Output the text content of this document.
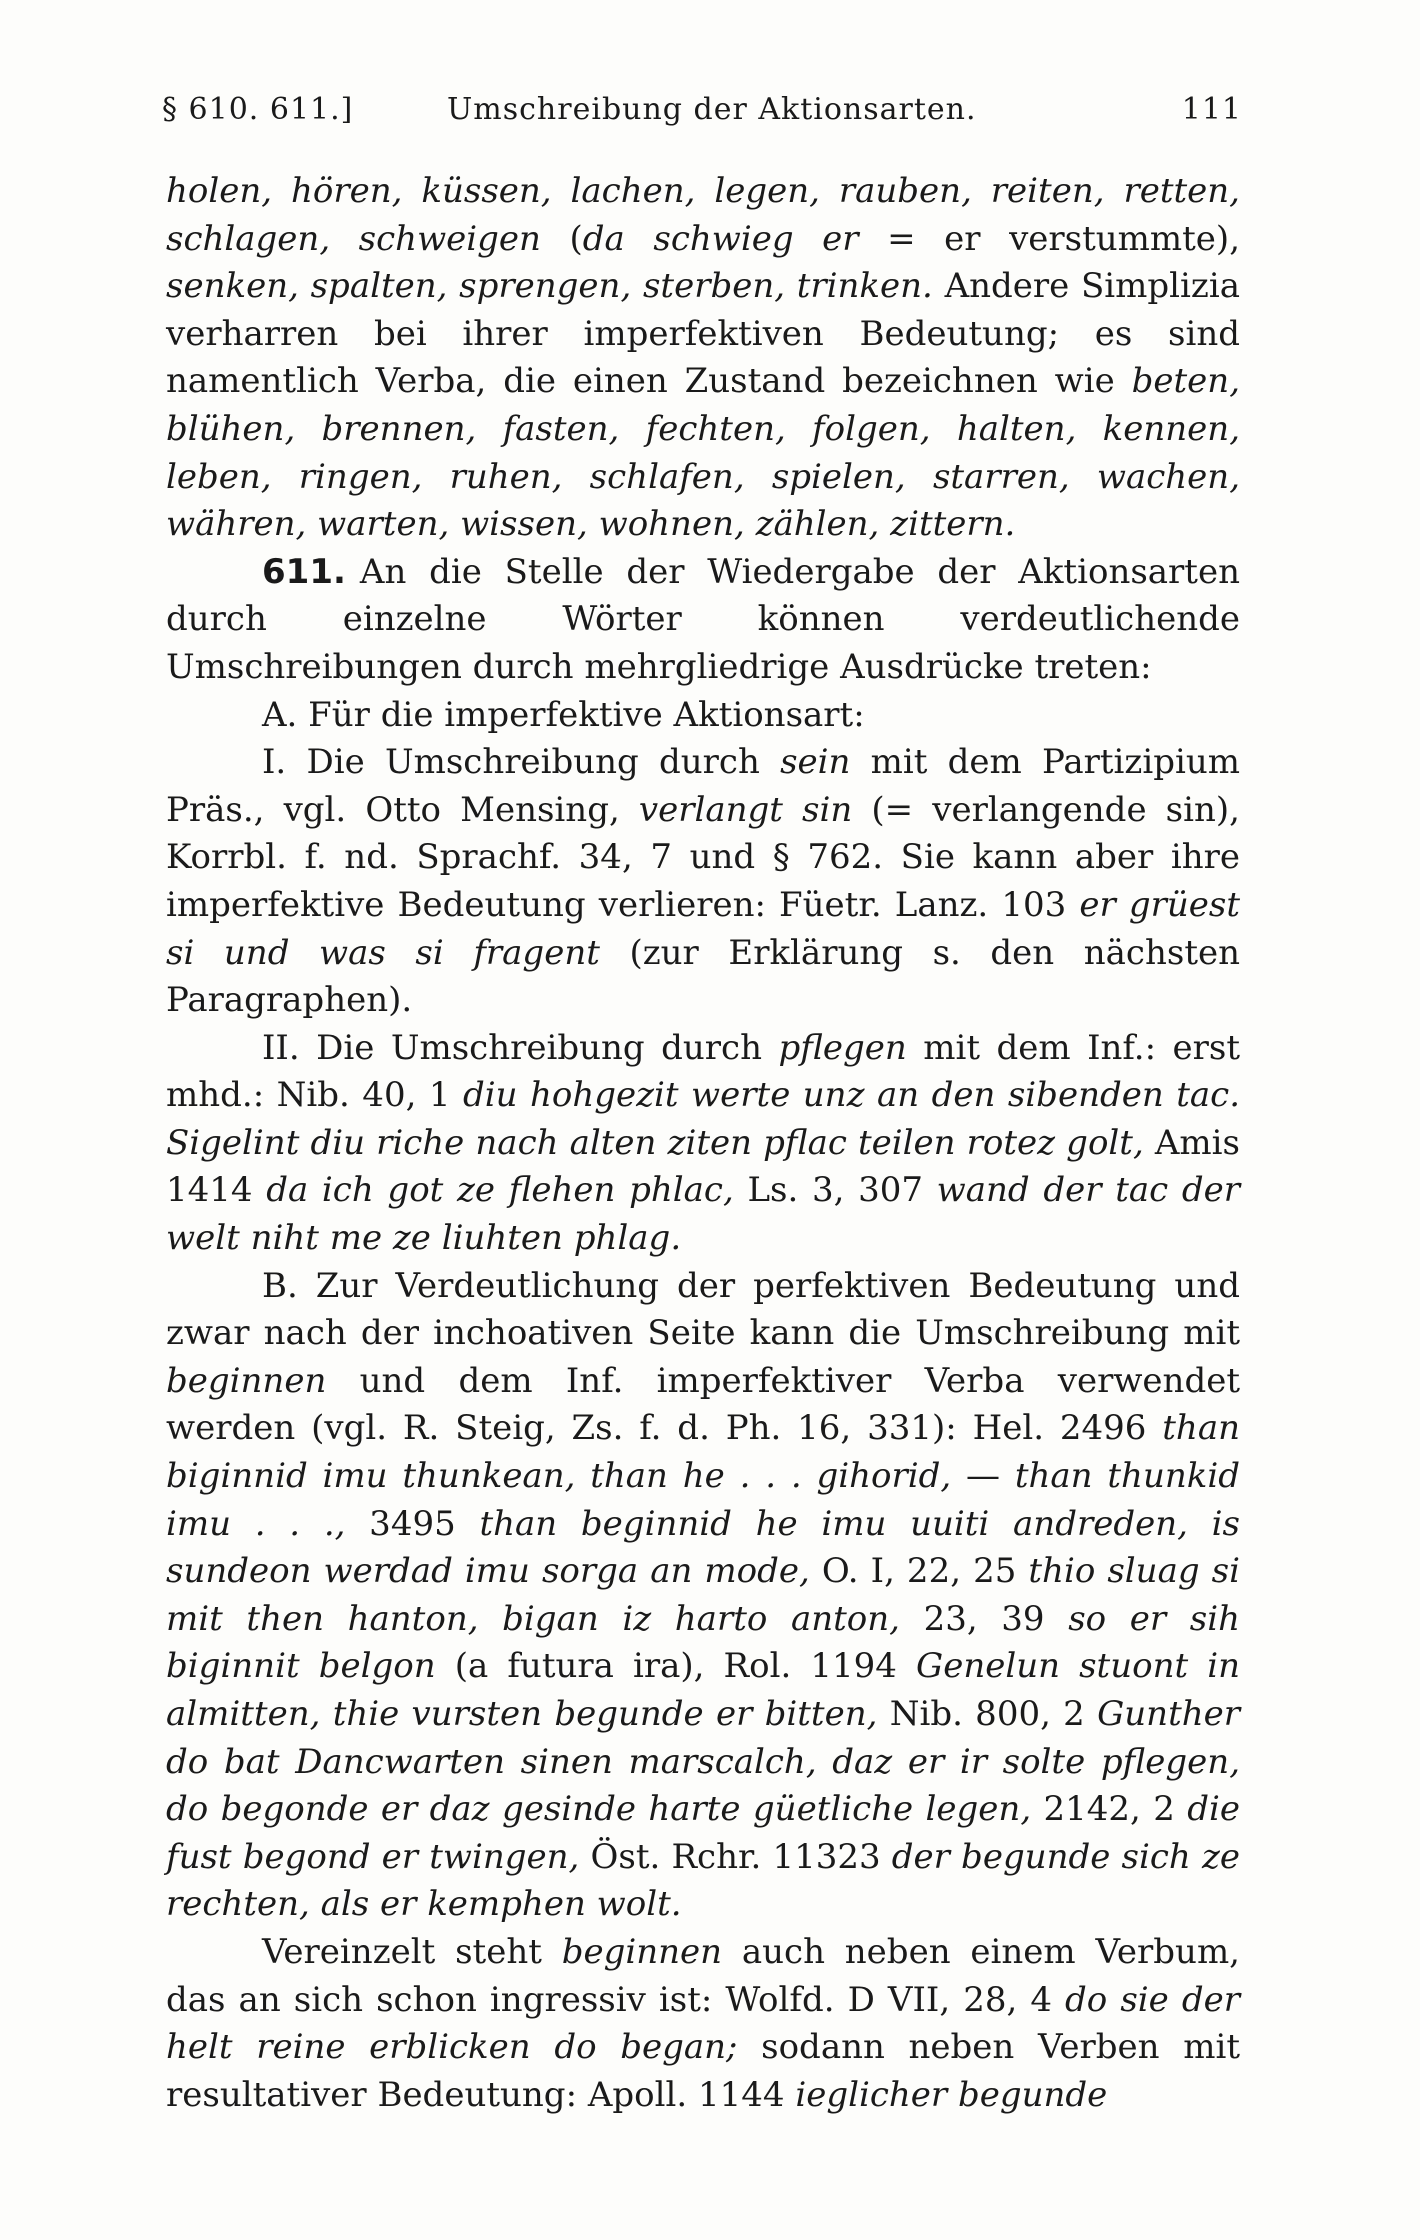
§ 610. 611.]	Umschreibung der Aktionsarten.	111

holen, hören, küssen, lachen, legen, rauben, reiten, retten, schlagen, schweigen (da schwieg er = er verstummte), senken, spalten, sprengen, sterben, trinken. Andere Simplizia verharren bei ihrer imperfektiven Bedeutung; es sind namentlich Verba, die einen Zustand bezeichnen wie beten, blühen, brennen, fasten, fechten, folgen, halten, kennen, leben, ringen, ruhen, schlafen, spielen, starren, wachen, währen, warten, wissen, wohnen, zählen, zittern.

611. An die Stelle der Wiedergabe der Aktionsarten durch einzelne Wörter können verdeutlichende Umschreibungen durch mehrgliedrige Ausdrücke treten:

A. Für die imperfektive Aktionsart:

I. Die Umschreibung durch sein mit dem Partizipium Präs., vgl. Otto Mensing, verlangt sin (= verlangende sin), Korrbl. f. nd. Sprachf. 34, 7 und § 762. Sie kann aber ihre imperfektive Bedeutung verlieren: Füetr. Lanz. 103 er grüest si und was si fragent (zur Erklärung s. den nächsten Paragraphen).

II. Die Umschreibung durch pflegen mit dem Inf.: erst mhd.: Nib. 40, 1 diu hohgezit werte unz an den sibenden tac. Sigelint diu riche nach alten ziten pflac teilen rotez golt, Amis 1414 da ich got ze flehen phlac, Ls. 3, 307 wand der tac der welt niht me ze liuhten phlag.

B. Zur Verdeutlichung der perfektiven Bedeutung und zwar nach der inchoativen Seite kann die Umschreibung mit beginnen und dem Inf. imperfektiver Verba verwendet werden (vgl. R. Steig, Zs. f. d. Ph. 16, 331): Hel. 2496 than biginnid imu thunkean, than he . . . gihorid, — than thunkid imu . . ., 3495 than beginnid he imu uuiti andreden, is sundeon werdad imu sorga an mode, O. I, 22, 25 thio sluag si mit then hanton, bigan iz harto anton, 23, 39 so er sih biginnit belgon (a futura ira), Rol. 1194 Genelun stuont in almitten, thie vursten begunde er bitten, Nib. 800, 2 Gunther do bat Dancwarten sinen marscalch, daz er ir solte pflegen, do begonde er daz gesinde harte güetliche legen, 2142, 2 die fust begond er twingen, Öst. Rchr. 11323 der begunde sich ze rechten, als er kemphen wolt.

Vereinzelt steht beginnen auch neben einem Verbum, das an sich schon ingressiv ist: Wolfd. D VII, 28, 4 do sie der helt reine erblicken do began; sodann neben Verben mit resultativer Bedeutung: Apoll. 1144 ieglicher begunde
